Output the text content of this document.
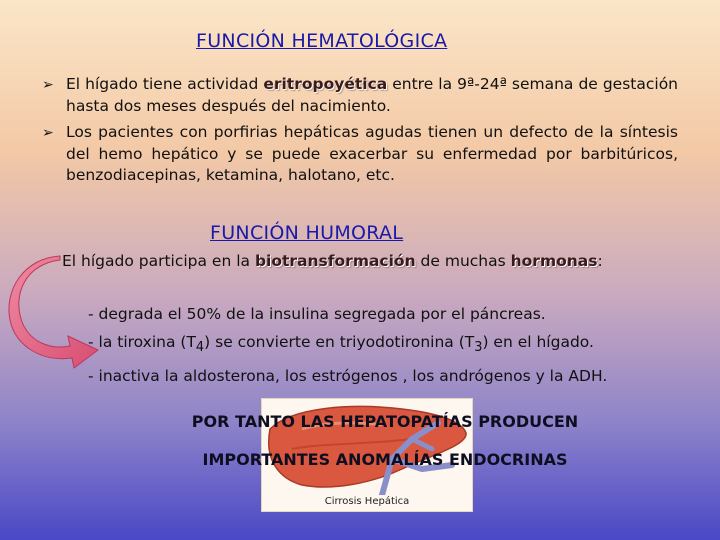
FUNCIÓN HEMATOLÓGICA
➢ El hígado tiene actividad eritropoyética entre la 9ª-24ª semana de gestación hasta dos meses después del nacimiento.
➢ Los pacientes con porfirias hepáticas agudas tienen un defecto de la síntesis del hemo hepático y se puede exacerbar su enfermedad por barbitúricos, benzodiacepinas, ketamina, halotano, etc.
FUNCIÓN HUMORAL
El hígado participa en la biotransformación de muchas hormonas:
- degrada el 50% de la insulina segregada por el páncreas.
- la tiroxina $(T_4)$ se convierte en triyodotironina $(T_3)$ en el hígado.
- inactiva la aldosterona, los estrógenos , los andrógenos y la ADH.
Cirrosis Hepática
POR TANTO LAS HEPATOPATÍAS PRODUCEN
IMPORTANTES ANOMALÍAS ENDOCRINAS
